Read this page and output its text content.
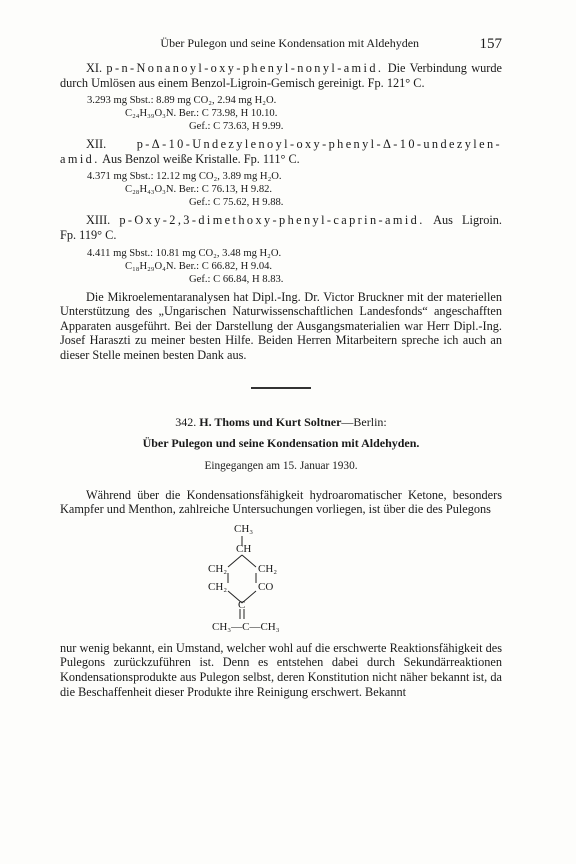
Über Pulegon und seine Kondensation mit Aldehyden	157

XI. p-n-Nonanoyl-oxy-phenyl-nonyl-amid. Die Verbindung wurde durch Umlösen aus einem Benzol-Ligroin-Gemisch gereinigt. Fp. 121° C.

3.293 mg Sbst.: 8.89 mg CO₂, 2.94 mg H₂O.
C₂₄H₃₉O₃N. Ber.: C 73.98, H 10.10.
Gef.: C 73.63, H 9.99.

XII. p-Δ-10-Undezylenoyl-oxy-phenyl-Δ-10-undezylen-amid. Aus Benzol weiße Kristalle. Fp. 111° C.

4.371 mg Sbst.: 12.12 mg CO₂, 3.89 mg H₂O.
C₂₈H₄₃O₃N. Ber.: C 76.13, H 9.82.
Gef.: C 75.62, H 9.88.

XIII. p-Oxy-2,3-dimethoxy-phenyl-caprin-amid. Aus Ligroin. Fp. 119° C.

4.411 mg Sbst.: 10.81 mg CO₂, 3.48 mg H₂O.
C₁₈H₂₉O₄N. Ber.: C 66.82, H 9.04.
Gef.: C 66.84, H 8.83.

Die Mikroelementaranalysen hat Dipl.-Ing. Dr. Victor Bruckner mit der materiellen Unterstützung des „Ungarischen Naturwissenschaftlichen Landesfonds“ angeschafften Apparaten ausgeführt. Bei der Darstellung der Ausgangsmaterialien war Herr Dipl.-Ing. Josef Haraszti zu meiner besten Hilfe. Beiden Herren Mitarbeitern spreche ich auch an dieser Stelle meinen besten Dank aus.

342. H. Thoms und Kurt Soltner—Berlin:
Über Pulegon und seine Kondensation mit Aldehyden.
Eingegangen am 15. Januar 1930.

Während über die Kondensationsfähigkeit hydroaromatischer Ketone, besonders Kampfer und Menthon, zahlreiche Untersuchungen vorliegen, ist über die des Pulegons

CH₃
CH
CH₂	CH₂
CH₂	CO
C
CH₃—C—CH₃

nur wenig bekannt, ein Umstand, welcher wohl auf die erschwerte Reaktionsfähigkeit des Pulegons zurückzuführen ist. Denn es entstehen dabei durch Sekundärreaktionen Kondensationsprodukte aus Pulegon selbst, deren Konstitution nicht näher bekannt ist, da die Beschaffenheit dieser Produkte ihre Reinigung erschwert. Bekannt
